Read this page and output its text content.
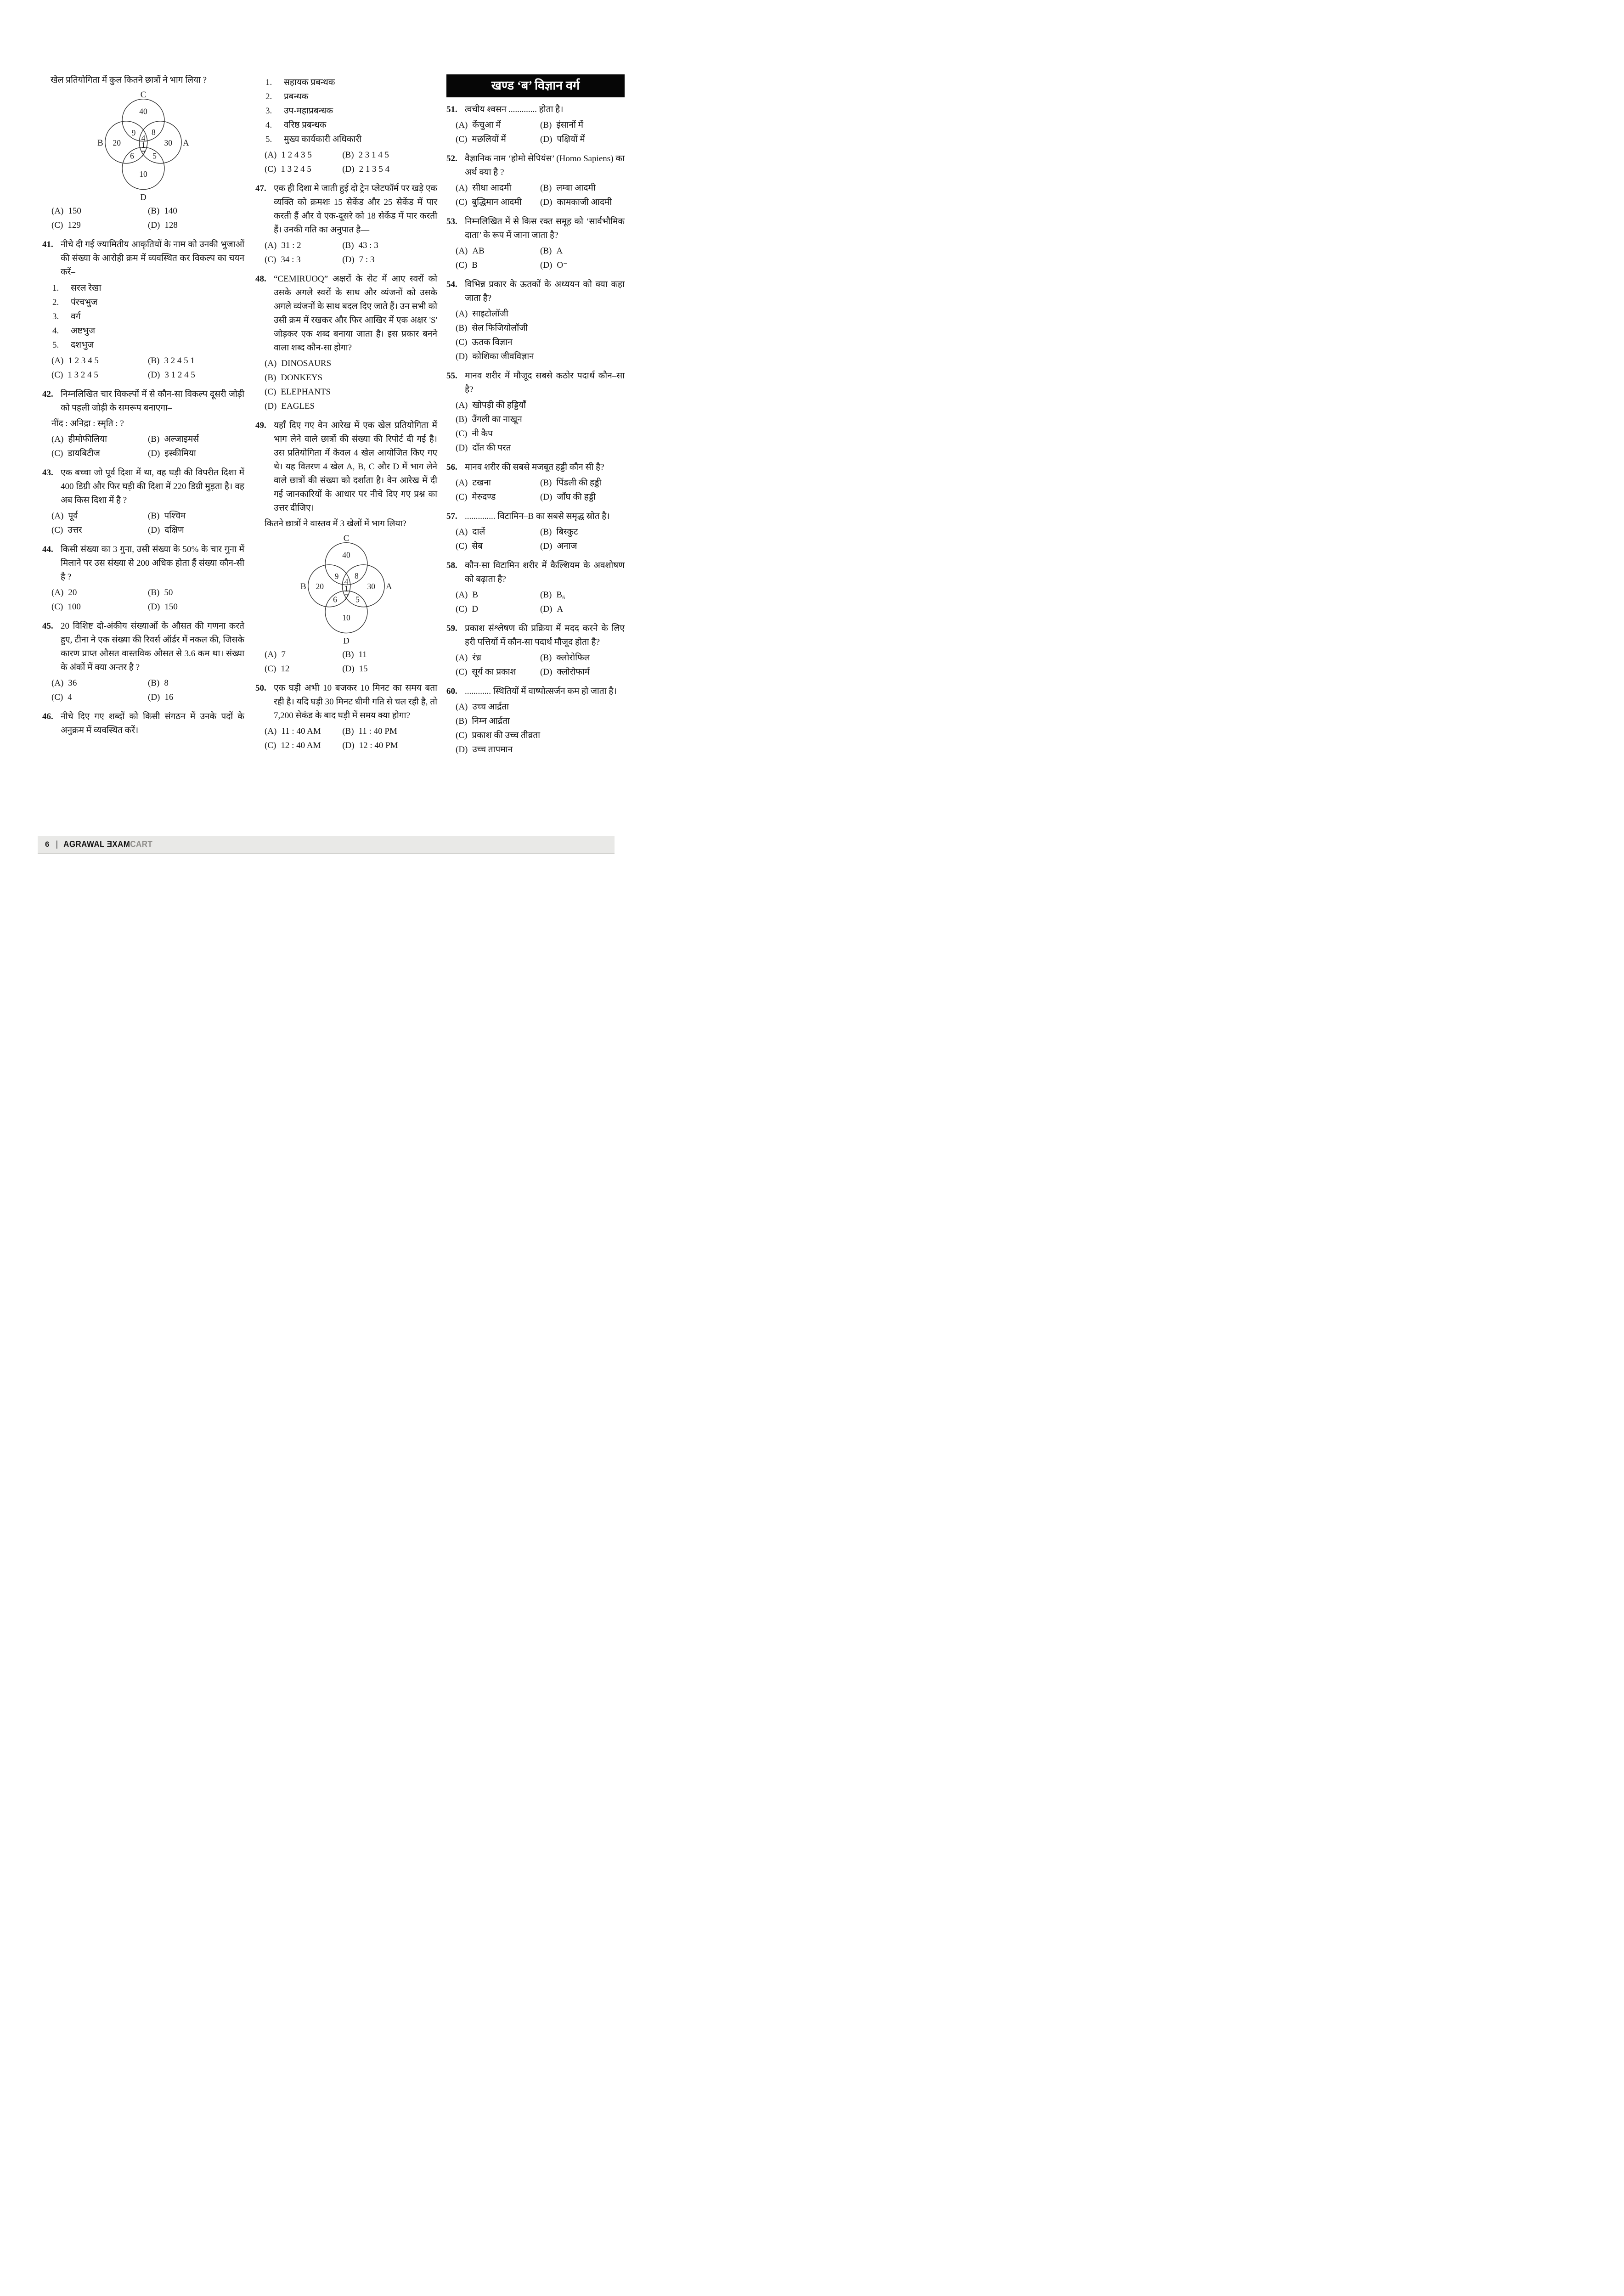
खेल प्रतियोगिता में कुल कितने छात्रों ने भाग लिया ?
C
B	A
D
40
9 8
4
20 1 30
7
6 5
10
(A) 150	(B) 140
(C) 129	(D) 128
41. नीचे दी गई ज्यामितीय आकृतियों के नाम को उनकी भुजाओं की संख्या के आरोही क्रम में व्यवस्थित कर विकल्प का चयन करें–
1. सरल रेखा
2. पंरचभुज
3. वर्ग
4. अष्टभुज
5. दशभुज
(A) 1 2 3 4 5	(B) 3 2 4 5 1
(C) 1 3 2 4 5	(D) 3 1 2 4 5
42. निम्नलिखित चार विकल्पों में से कौन-सा विकल्प दूसरी जोड़ी को पहली जोड़ी के समरूप बनाएगा–
नींद : अनिद्रा : स्मृति : ?
(A) हीमोफीलिया	(B) अल्जाइमर्स
(C) डायबिटीज	(D) इस्कीमिया
43. एक बच्चा जो पूर्व दिशा में था, वह घड़ी की विपरीत दिशा में 400 डिग्री और फिर घड़ी की दिशा में 220 डिग्री मुड़ता है। वह अब किस दिशा में है ?
(A) पूर्व	(B) पश्चिम
(C) उत्तर	(D) दक्षिण
44. किसी संख्या का 3 गुना, उसी संख्या के 50% के चार गुना में मिलाने पर उस संख्या से 200 अधिक होता हैं संख्या कौन-सी है ?
(A) 20	(B) 50
(C) 100	(D) 150
45. 20 विशिष्ट दो-अंकीय संख्याओं के औसत की गणना करते हुए, टीना ने एक संख्या की रिवर्स ऑर्डर में नकल की, जिसके कारण प्राप्त औसत वास्तविक औसत से 3.6 कम था। संख्या के अंकों में क्या अन्तर है ?
(A) 36	(B) 8
(C) 4	(D) 16
46. नीचे दिए गए शब्दों को किसी संगठन में उनके पदों के अनुक्रम में व्यवस्थित करें।
1. सहायक प्रबन्धक
2. प्रबन्धक
3. उप-महाप्रबन्धक
4. वरिष्ठ प्रबन्धक
5. मुख्य कार्यकारी अधिकारी
(A) 1 2 4 3 5	(B) 2 3 1 4 5
(C) 1 3 2 4 5	(D) 2 1 3 5 4
47. एक ही दिशा मे जाती हुई दो ट्रेन प्लेटफॉर्म पर खड़े एक व्यक्ति को क्रमशः 15 सेकेंड और 25 सेकेंड में पार करती हैं और वे एक-दूसरे को 18 सेकेंड में पार करती हैं। उनकी गति का अनुपात है—
(A) 31 : 2	(B) 43 : 3
(C) 34 : 3	(D) 7 : 3
48. “CEMIRUOQ” अक्षरों के सेट में आए स्वरों को उसके अगले स्वरों के साथ और व्यंजनों को उसके अगले व्यंजनों के साथ बदल दिए जाते हैं। उन सभी को उसी क्रम में रखकर और फिर आखिर में एक अक्षर 'S' जोड़कर एक शब्द बनाया जाता है। इस प्रकार बनने वाला शब्द कौन-सा होगा?
(A) DINOSAURS
(B) DONKEYS
(C) ELEPHANTS
(D) EAGLES
49. यहाँ दिए गए वेन आरेख में एक खेल प्रतियोगिता में भाग लेने वाले छात्रों की संख्या की रिपोर्ट दी गई है। उस प्रतियोगिता में केवल 4 खेल आयोजित किए गए थे। यह वितरण 4 खेल A, B, C और D में भाग लेने वाले छात्रों की संख्या को दर्शाता है। वेन आरेख में दी गई जानकारियों के आधार पर नीचे दिए गए प्रश्न का उत्तर दीजिए।
कितने छात्रों ने वास्तव में 3 खेलों में भाग लिया?
C
B	A
D
40
9 8
4
20 1 30
7
6 5
10
(A) 7	(B) 11
(C) 12	(D) 15
50. एक घड़ी अभी 10 बजकर 10 मिनट का समय बता रही है। यदि घड़ी 30 मिनट धीमी गति से चल रही है, तो 7,200 सेकंड के बाद घड़ी में समय क्या होगा?
(A) 11 : 40 AM	(B) 11 : 40 PM
(C) 12 : 40 AM	(D) 12 : 40 PM
खण्ड ‘ब’ विज्ञान वर्ग
51. त्वचीय श्वसन ............. होता है।
(A) केंचुआ में	(B) इंसानों में
(C) मछलियों में	(D) पक्षियों में
52. वैज्ञानिक नाम ‘होमो सेपियंस’ (Homo Sapiens) का अर्थ क्या है ?
(A) सीधा आदमी	(B) लम्बा आदमी
(C) बुद्धिमान आदमी	(D) कामकाजी आदमी
53. निम्नलिखित में से किस रक्त समूह को ‘सार्वभौमिक दाता’ के रूप में जाना जाता है?
(A) AB	(B) A
(C) B	(D) O⁻
54. विभिन्न प्रकार के ऊतकों के अध्ययन को क्या कहा जाता है?
(A) साइटोलॉजी
(B) सेल फिजियोलॉजी
(C) ऊतक विज्ञान
(D) कोशिका जीवविज्ञान
55. मानव शरीर में मौजूद सबसे कठोर पदार्थ कौन–सा है?
(A) खोपड़ी की हड्डियाँ
(B) उँगली का नाखून
(C) नी कैप
(D) दाँत की परत
56. मानव शरीर की सबसे मजबूत हड्डी कौन सी है?
(A) टखना	(B) पिंडली की हड्डी
(C) मेरुदण्ड	(D) जाँघ की हड्डी
57. .............. विटामिन–B का सबसे समृद्ध स्रोत है।
(A) दालें	(B) बिस्कुट
(C) सेब	(D) अनाज
58. कौन-सा विटामिन शरीर में कैल्शियम के अवशोषण को बढ़ाता है?
(A) B	(B) B₆
(C) D	(D) A
59. प्रकाश संश्लेषण की प्रक्रिया में मदद करने के लिए हरी पत्तियों में कौन-सा पदार्थ मौजूद होता है?
(A) रंध्र	(B) क्लोरोफिल
(C) सूर्य का प्रकाश	(D) क्लोरोफार्म
60. ............ स्थितियों में वाष्पोत्सर्जन कम हो जाता है।
(A) उच्च आर्द्रता
(B) निम्न आर्द्रता
(C) प्रकाश की उच्च तीव्रता
(D) उच्च तापमान
6 | AGRAWAL ƎXAMCART
